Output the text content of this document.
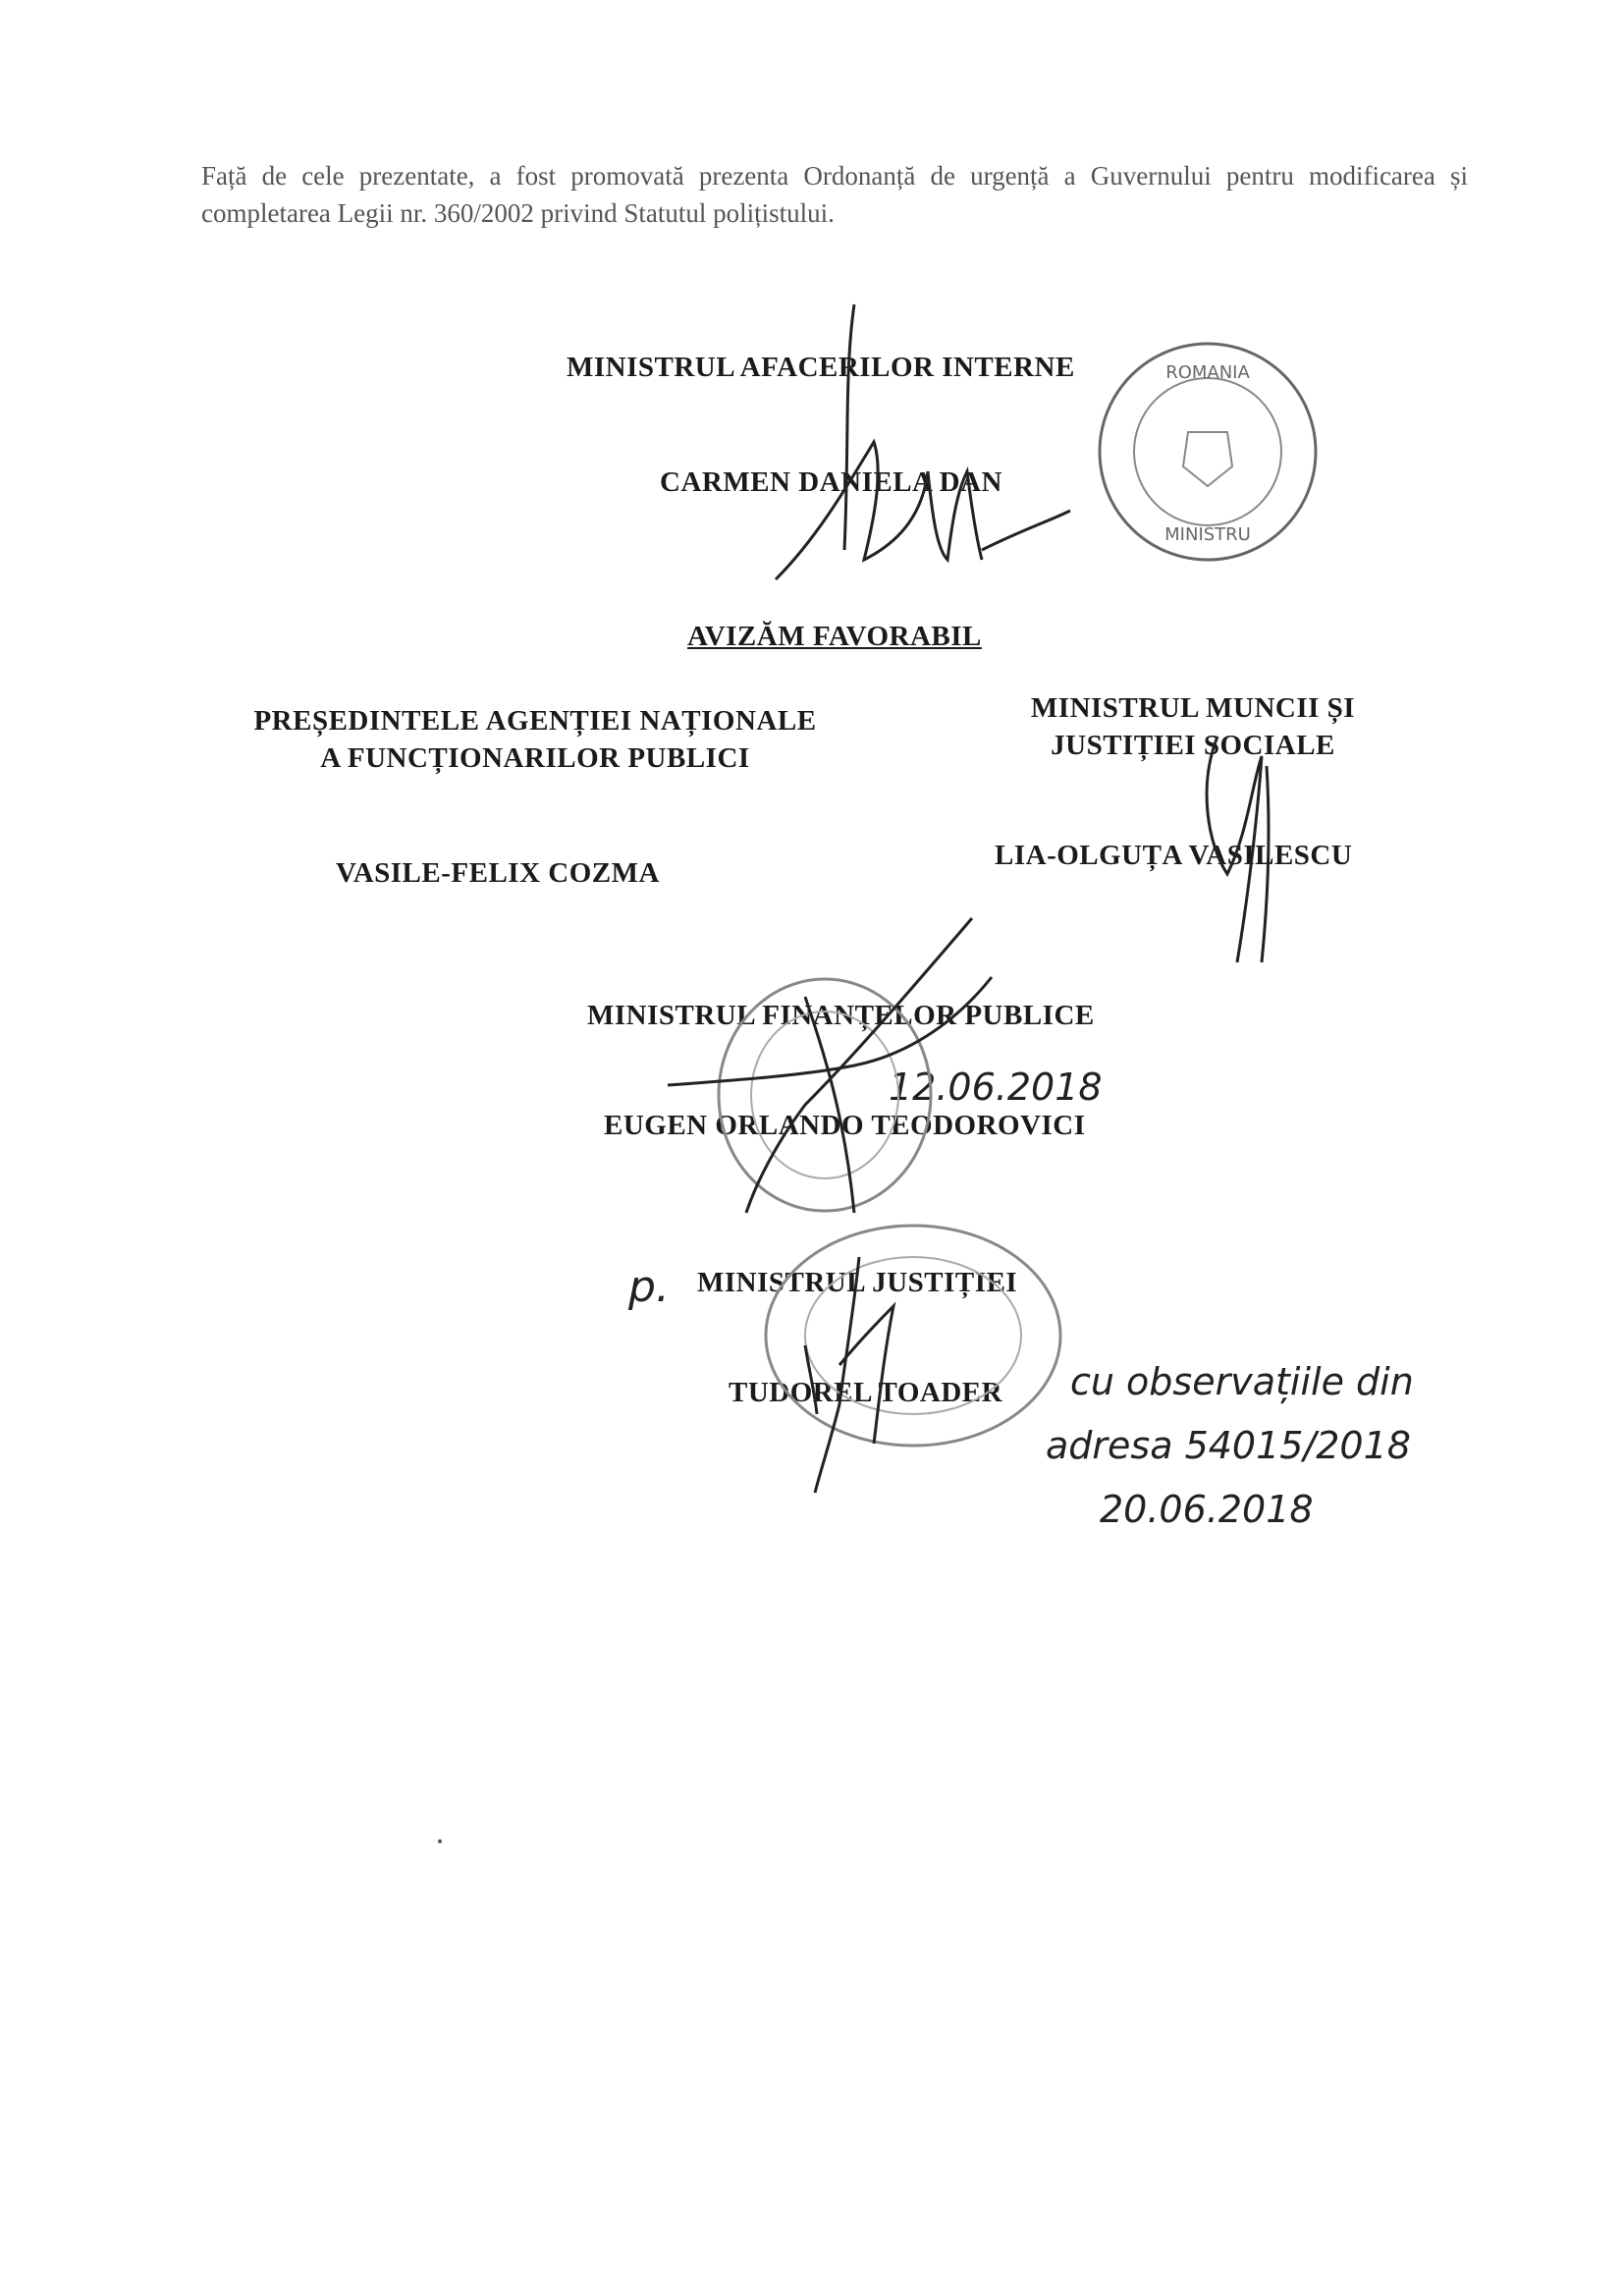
Față de cele prezentate, a fost promovată prezenta Ordonanță de urgență a Guvernului pentru modificarea și completarea Legii nr. 360/2002 privind Statutul polițistului.
MINISTRUL AFACERILOR INTERNE
CARMEN DANIELA DAN
ROMANIA
MINISTRU
AVIZĂM FAVORABIL
PREȘEDINTELE AGENȚIEI NAȚIONALE
A FUNCȚIONARILOR PUBLICI
VASILE-FELIX COZMA
MINISTRUL MUNCII ȘI
JUSTIȚIEI SOCIALE
LIA-OLGUȚA VASILESCU
MINISTRUL FINANȚELOR PUBLICE
12.06.2018
EUGEN ORLANDO TEODOROVICI
p. MINISTRUL JUSTIȚIEI
TUDOREL TOADER cu observațiile din
adresa 54015/2018
20.06.2018
